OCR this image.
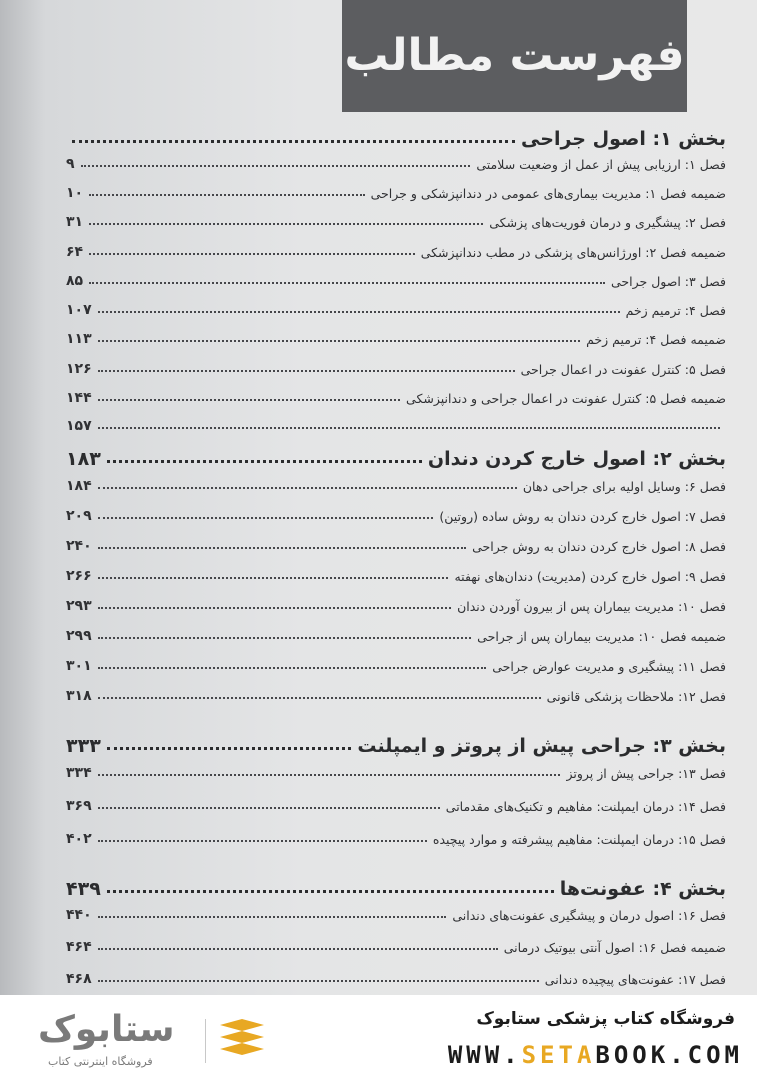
فهرست مطالب
بخش ۱: اصول جراحی
فصل ۱: ارزیابی پیش از عمل از وضعیت سلامتی
۹
ضمیمه فصل ۱: مدیریت بیماری‌های عمومی در دندانپزشکی و جراحی
۱۰
فصل ۲: پیشگیری و درمان فوریت‌های پزشکی
۳۱
ضمیمه فصل ۲: اورژانس‌های پزشکی در مطب دندانپزشکی
۶۴
فصل ۳: اصول جراحی
۸۵
فصل ۴: ترمیم زخم
۱۰۷
ضمیمه فصل ۴: ترمیم زخم
۱۱۳
فصل ۵: کنترل عفونت در اعمال جراحی
۱۲۶
ضمیمه فصل ۵: کنترل عفونت در اعمال جراحی و دندانپزشکی
۱۴۴
۱۵۷
بخش ۲: اصول خارج کردن دندان
۱۸۳
فصل ۶: وسایل اولیه برای جراحی دهان
۱۸۴
فصل ۷: اصول خارج کردن دندان به روش ساده (روتین)
۲۰۹
فصل ۸: اصول خارج کردن دندان به روش جراحی
۲۴۰
فصل ۹: اصول خارج کردن (مدیریت) دندان‌های نهفته
۲۶۶
فصل ۱۰: مدیریت بیماران پس از بیرون آوردن دندان
۲۹۳
ضمیمه فصل ۱۰: مدیریت بیماران پس از جراحی
۲۹۹
فصل ۱۱: پیشگیری و مدیریت عوارض جراحی
۳۰۱
فصل ۱۲: ملاحظات پزشکی قانونی
۳۱۸
بخش ۳: جراحی پیش از پروتز و ایمپلنت
۳۳۳
فصل ۱۳: جراحی پیش از پروتز
۳۳۴
فصل ۱۴: درمان ایمپلنت: مفاهیم و تکنیک‌های مقدماتی
۳۶۹
فصل ۱۵: درمان ایمپلنت: مفاهیم پیشرفته و موارد پیچیده
۴۰۲
بخش ۴: عفونت‌ها
۴۳۹
فصل ۱۶: اصول درمان و پیشگیری عفونت‌های دندانی
۴۴۰
ضمیمه فصل ۱۶: اصول آنتی بیوتیک درمانی
۴۶۴
فصل ۱۷: عفونت‌های پیچیده دندانی
۴۶۸
ستابوک
فروشگاه اینترنتی کتاب
فروشگاه کتاب پزشکی ستابوک
WWW.SETABOOK.COM
